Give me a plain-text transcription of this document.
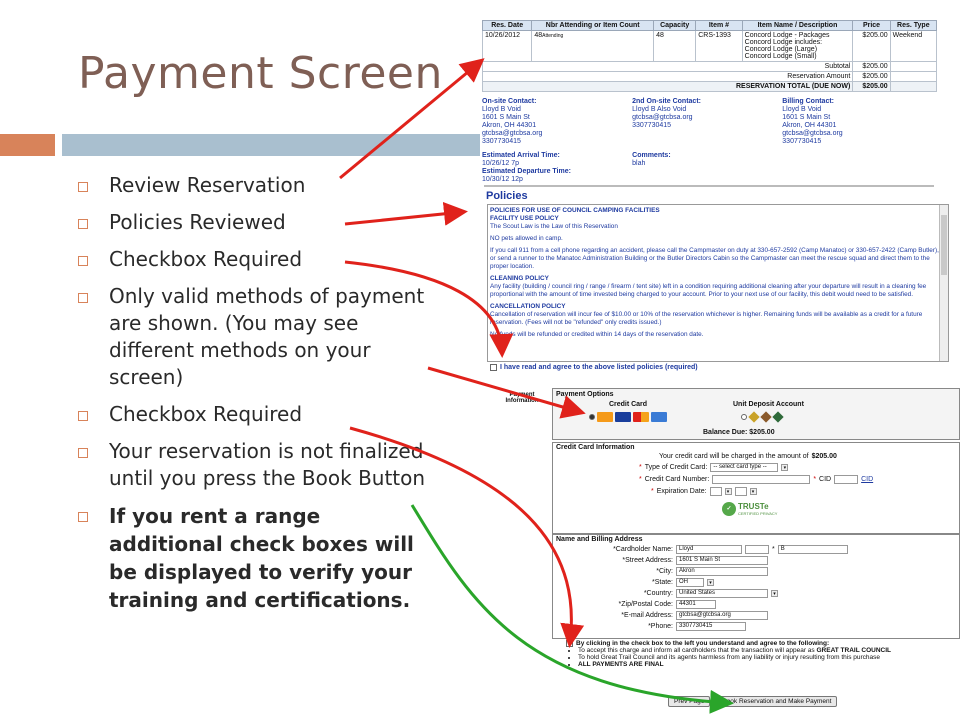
Payment Screen
Review Reservation
Policies Reviewed
Checkbox Required
Only valid methods of payment are shown. (You may see different methods on your screen)
Checkbox Required
Your reservation is not finalized until you press the Book Button
If you rent a range additional check boxes will be displayed to verify your training and certifications.
Res. Date	Nbr Attending or Item Count	Capacity	Item #	Item Name / Description	Price	Res. Type
10/26/2012	48Attending	48	CRS-1393	Concord Lodge - Packages
Concord Lodge includes:
Concord Lodge (Large)
Concord Lodge (Small)	$205.00	Weekend
Subtotal					$205.00	
Reservation Amount					$205.00	
RESERVATION TOTAL (DUE NOW)					$205.00	
On-site Contact:
Lloyd B Void
1601 S Main St
Akron, OH 44301
gtcbsa@gtcbsa.org
3307730415
Estimated Arrival Time:
10/26/12 7p
Estimated Departure Time:
10/30/12 12p
2nd On-site Contact:
Lloyd B Also Void
gtcbsa@gtcbsa.org
3307730415
Comments:
blah
Billing Contact:
Lloyd B Void
1601 S Main St
Akron, OH 44301
gtcbsa@gtcbsa.org
3307730415
Policies
POLICIES FOR USE OF COUNCIL CAMPING FACILITIES
FACILITY USE POLICY
The Scout Law is the Law of this Reservation
NO pets allowed in camp.
If you call 911 from a cell phone regarding an accident, please call the Campmaster on duty at 330-657-2592 (Camp Manatoc) or 330-657-2422 (Camp Butler), or send a runner to the Manatoc Administration Building or the Butler Directors Cabin so the Campmaster can meet the rescue squad and direct them to the proper location.
CLEANING POLICY
Any facility (building / council ring / range / firearm / tent site) left in a condition requiring additional cleaning after your departure will result in a cleaning fee proportional with the amount of time invested being charged to your account. Prior to your next use of our facility, this debit would need to be satisfied.
CANCELLATION POLICY
Cancellation of reservation will incur fee of $10.00 or 10% of the reservation whichever is higher. Remaining funds will be available as a credit for a future reservation. (Fees will not be "refunded" only credits issued.)
No funds will be refunded or credited within 14 days of the reservation date.
I have read and agree to the above listed policies (required)
Payment Information
Payment Options
Credit Card	Unit Deposit Account
Balance Due: $205.00
Credit Card Information
Your credit card will be charged in the amount of $205.00
* Type of Credit Card:	-- select card type --	▾
* Credit Card Number:	* CID	CID
* Expiration Date:	▾	▾
✓ TRUSTe
CERTIFIED PRIVACY
Name and Billing Address
*Cardholder Name:	Lloyd	*	B
*Street Address:	1601 S Main St
*City:	Akron
*State:	OH	▾
*Country:	United States	▾
*Zip/Postal Code:	44301
*E-mail Address:	gtcbsa@gtcbsa.org
*Phone:	3307730415
By clicking in the check box to the left you understand and agree to the following:
• To accept this charge and inform all cardholders that the transaction will appear as GREAT TRAIL COUNCIL
• To hold Great Trail Council and its agents harmless from any liability or injury resulting from this purchase
• ALL PAYMENTS ARE FINAL
Prev Page	Book Reservation and Make Payment
